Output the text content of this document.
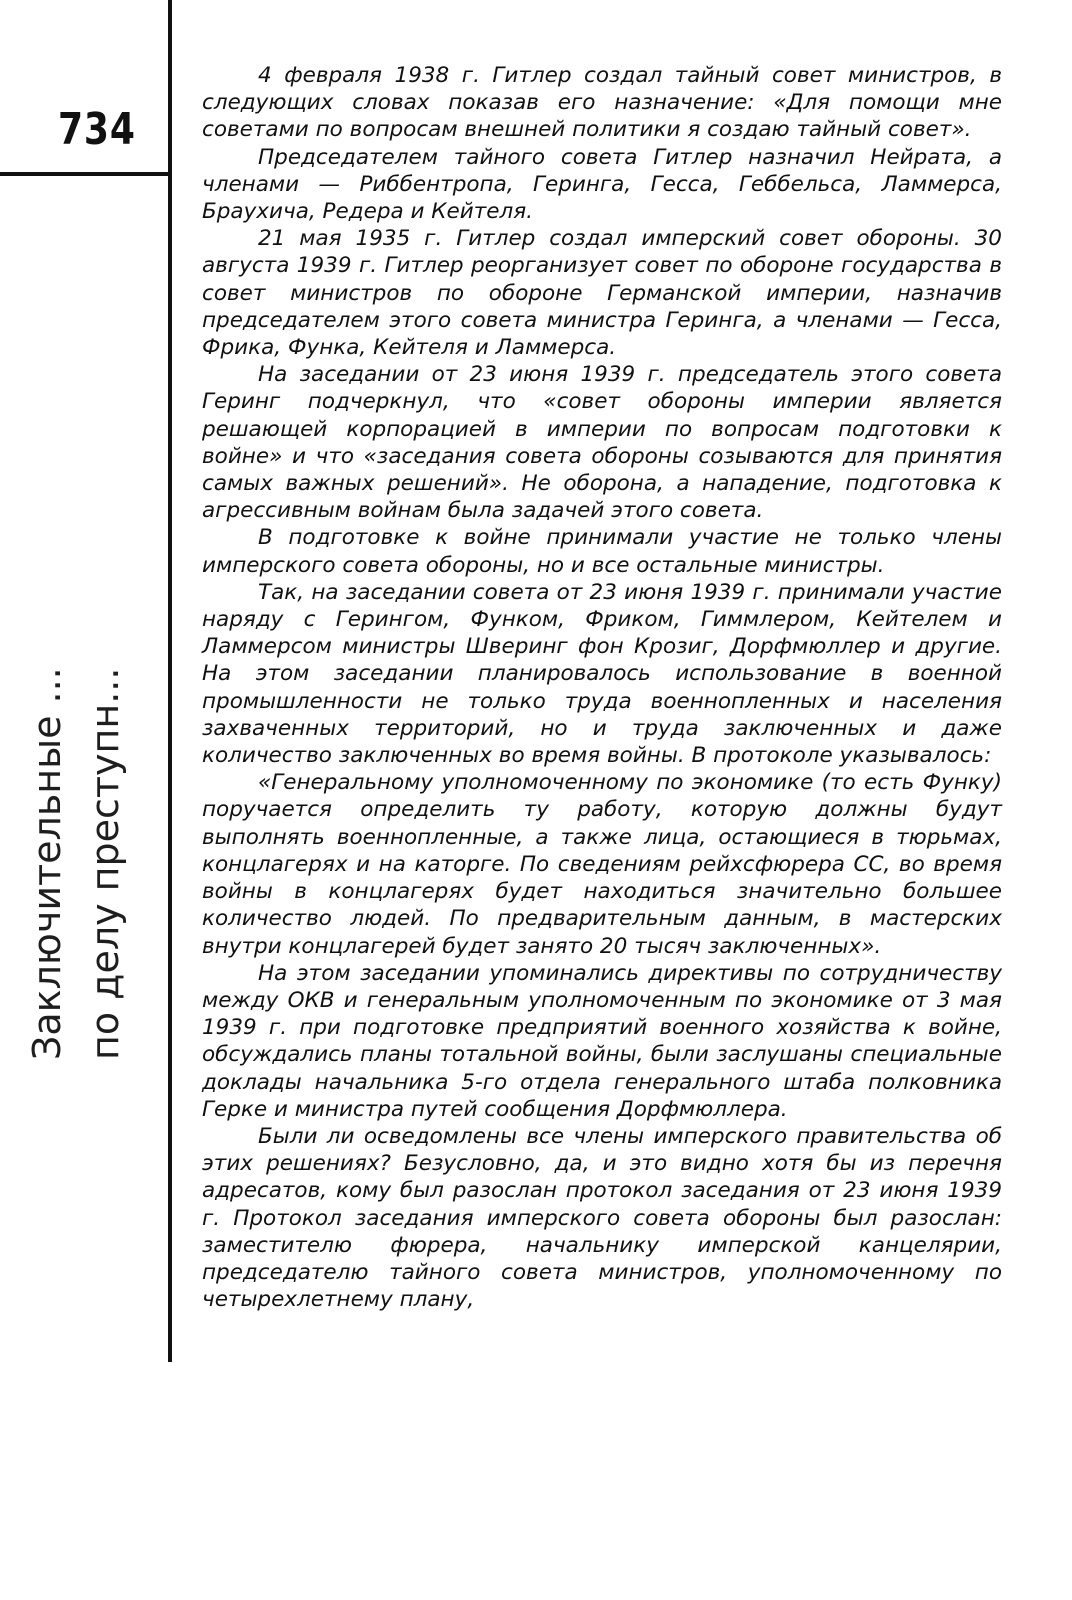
734
Заключительные ... по делу преступн...

4 февраля 1938 г. Гитлер создал тайный совет министров, в следующих словах показав его назначение: «Для помощи мне советами по вопросам внешней политики я создаю тайный совет».

Председателем тайного совета Гитлер назначил Нейрата, а членами — Риббентропа, Геринга, Гесса, Геббельса, Ламмерса, Браухича, Редера и Кейтеля.

21 мая 1935 г. Гитлер создал имперский совет обороны. 30 августа 1939 г. Гитлер реорганизует совет по обороне государства в совет министров по обороне Германской империи, назначив председателем этого совета министра Геринга, а членами — Гесса, Фрика, Функа, Кейтеля и Ламмерса.

На заседании от 23 июня 1939 г. председатель этого совета Геринг подчеркнул, что «совет обороны империи является решающей корпорацией в империи по вопросам подготовки к войне» и что «заседания совета обороны созываются для принятия самых важных решений». Не оборона, а нападение, подготовка к агрессивным войнам была задачей этого совета.

В подготовке к войне принимали участие не только члены имперского совета обороны, но и все остальные министры.

Так, на заседании совета от 23 июня 1939 г. принимали участие наряду с Герингом, Функом, Фриком, Гиммлером, Кейтелем и Ламмерсом министры Шверинг фон Крозиг, Дорфмюллер и другие. На этом заседании планировалось использование в военной промышленности не только труда военнопленных и населения захваченных территорий, но и труда заключенных и даже количество заключенных во время войны. В протоколе указывалось:

«Генеральному уполномоченному по экономике (то есть Функу) поручается определить ту работу, которую должны будут выполнять военнопленные, а также лица, остающиеся в тюрьмах, концлагерях и на каторге. По сведениям рейхсфюрера СС, во время войны в концлагерях будет находиться значительно большее количество людей. По предварительным данным, в мастерских внутри концлагерей будет занято 20 тысяч заключенных».

На этом заседании упоминались директивы по сотрудничеству между ОКВ и генеральным уполномоченным по экономике от 3 мая 1939 г. при подготовке предприятий военного хозяйства к войне, обсуждались планы тотальной войны, были заслушаны специальные доклады начальника 5-го отдела генерального штаба полковника Герке и министра путей сообщения Дорфмюллера.

Были ли осведомлены все члены имперского правительства об этих решениях? Безусловно, да, и это видно хотя бы из перечня адресатов, кому был разослан протокол заседания от 23 июня 1939 г. Протокол заседания имперского совета обороны был разослан: заместителю фюрера, начальнику имперской канцелярии, председателю тайного совета министров, уполномоченному по четырехлетнему плану,
